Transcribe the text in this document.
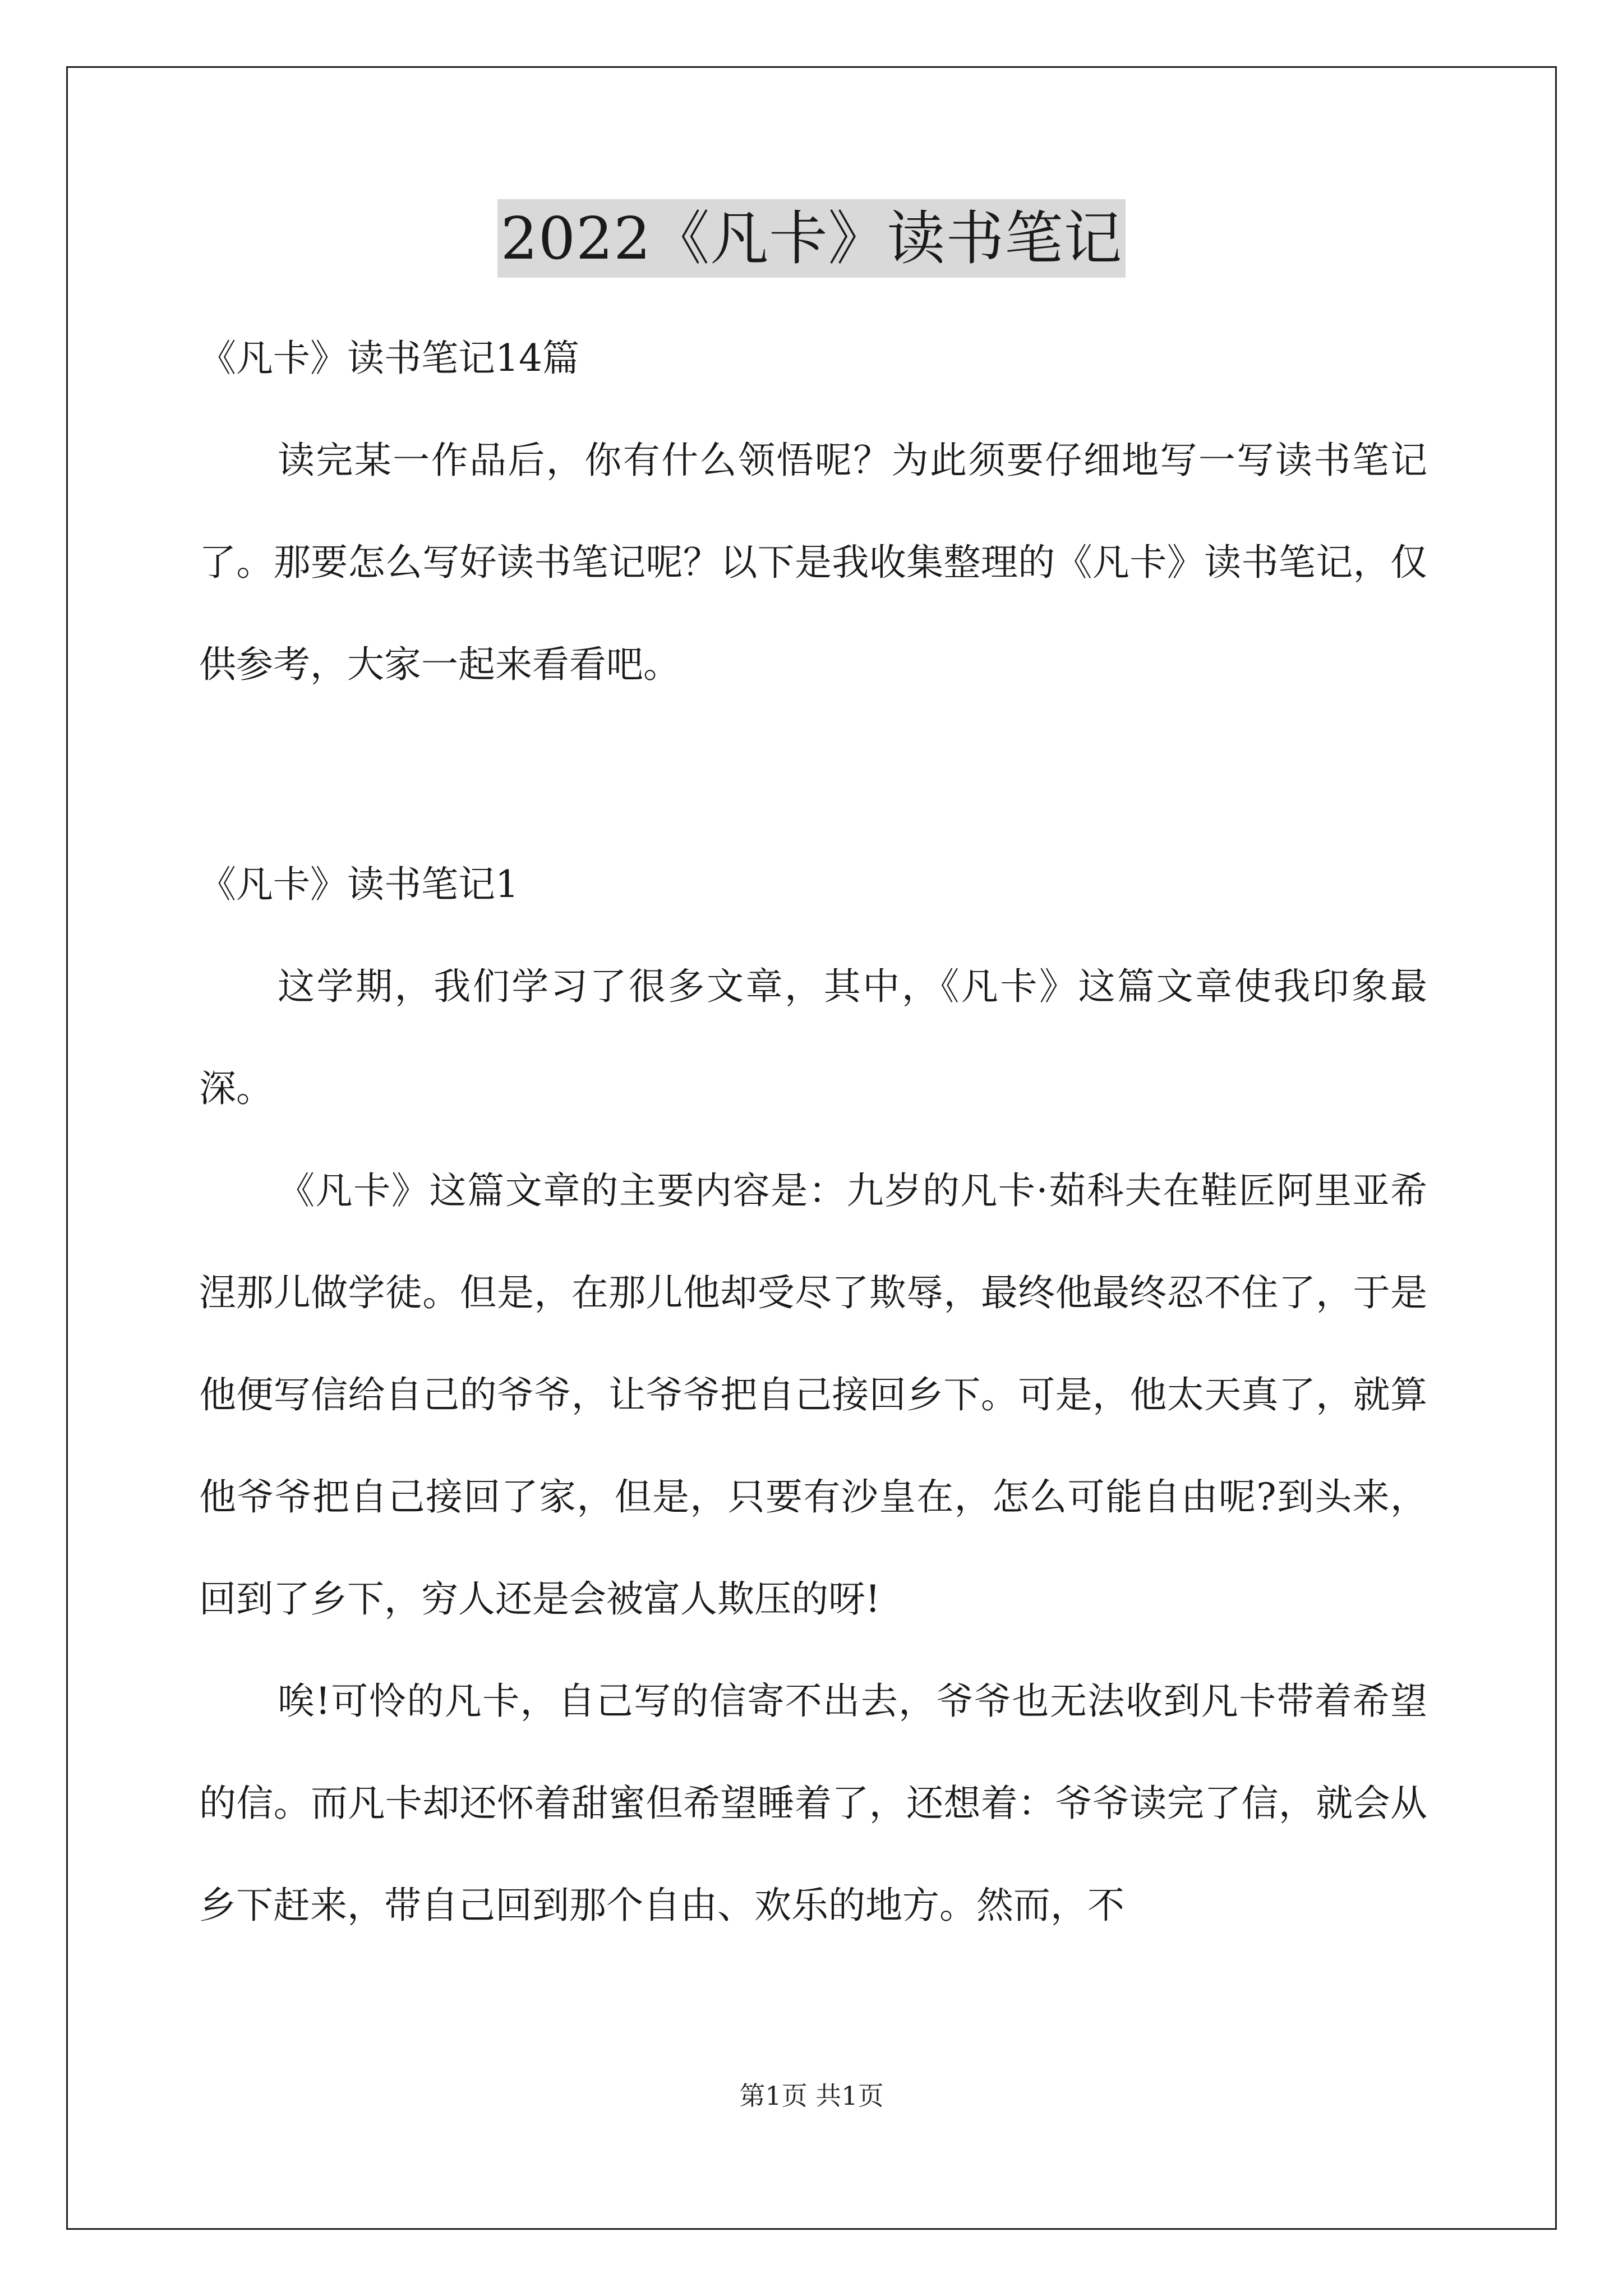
2022《凡卡》读书笔记
《凡卡》读书笔记14篇

读完某一作品后，你有什么领悟呢？为此须要仔细地写一写读书笔记了。那要怎么写好读书笔记呢？以下是我收集整理的《凡卡》读书笔记，仅供参考，大家一起来看看吧。

《凡卡》读书笔记1

这学期，我们学习了很多文章，其中，《凡卡》这篇文章使我印象最深。

《凡卡》这篇文章的主要内容是：九岁的凡卡·茹科夫在鞋匠阿里亚希涅那儿做学徒。但是，在那儿他却受尽了欺辱，最终他最终忍不住了，于是他便写信给自己的爷爷，让爷爷把自己接回乡下。可是，他太天真了，就算他爷爷把自己接回了家，但是，只要有沙皇在，怎么可能自由呢?到头来，回到了乡下，穷人还是会被富人欺压的呀!

唉!可怜的凡卡，自己写的信寄不出去，爷爷也无法收到凡卡带着希望的信。而凡卡却还怀着甜蜜但希望睡着了，还想着：爷爷读完了信，就会从乡下赶来，带自己回到那个自由、欢乐的地方。然而，不

第1页 共1页
